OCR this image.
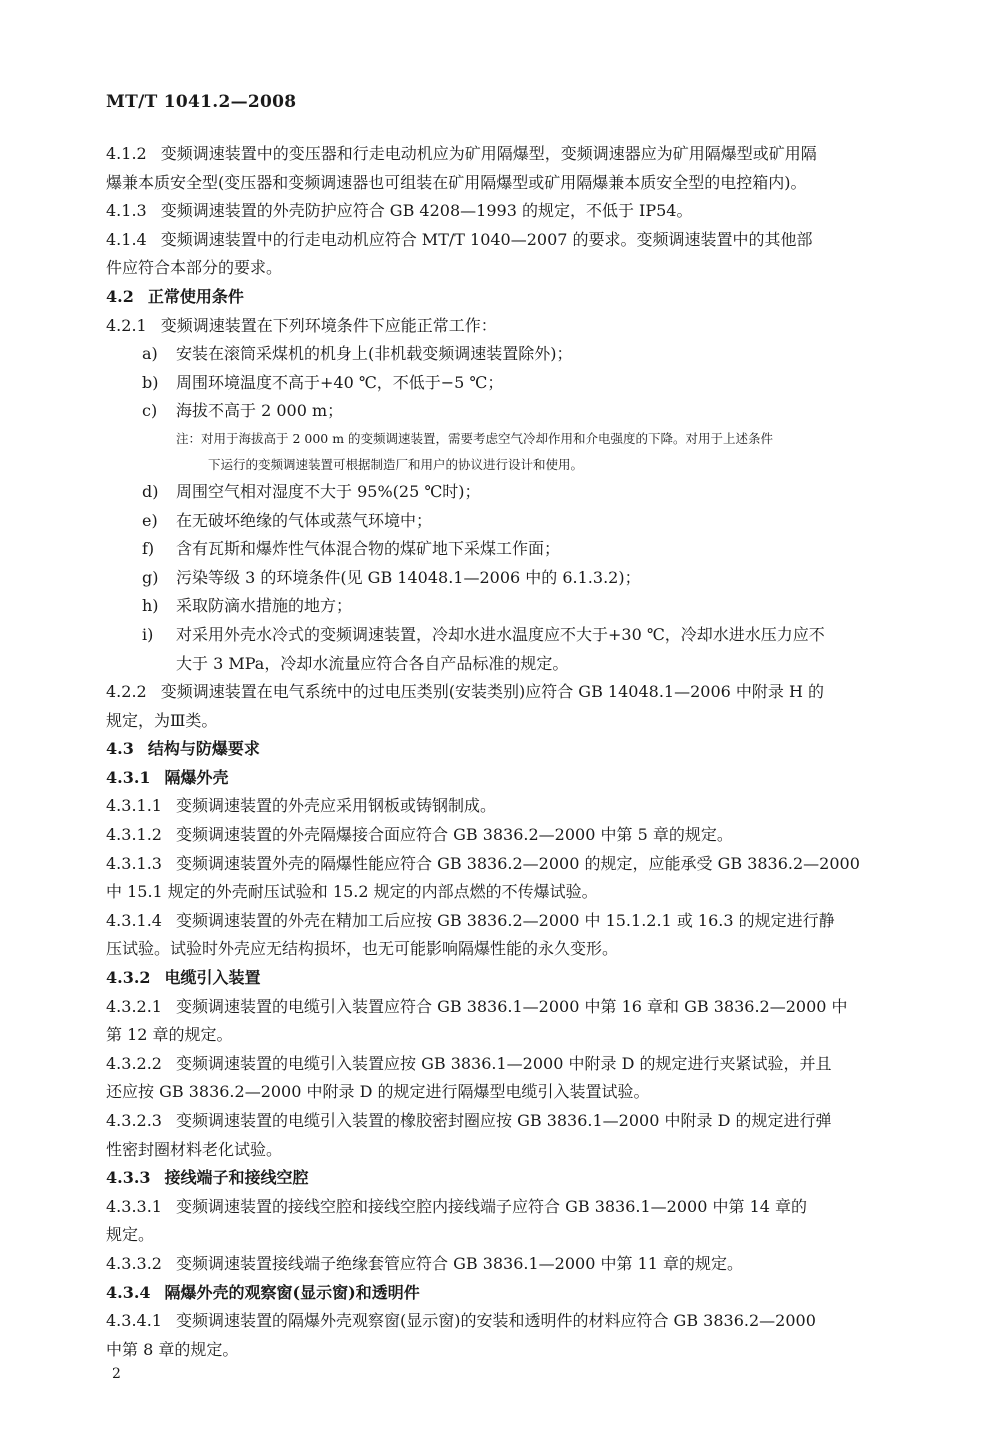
MT/T 1041.2—2008
4.1.2 变频调速装置中的变压器和行走电动机应为矿用隔爆型，变频调速器应为矿用隔爆型或矿用隔
爆兼本质安全型(变压器和变频调速器也可组装在矿用隔爆型或矿用隔爆兼本质安全型的电控箱内)。
4.1.3 变频调速装置的外壳防护应符合 GB 4208—1993 的规定，不低于 IP54。
4.1.4 变频调速装置中的行走电动机应符合 MT/T 1040—2007 的要求。变频调速装置中的其他部
件应符合本部分的要求。
4.2 正常使用条件
4.2.1 变频调速装置在下列环境条件下应能正常工作：
a) 安装在滚筒采煤机的机身上(非机载变频调速装置除外)；
b) 周围环境温度不高于+40 ℃，不低于−5 ℃；
c) 海拔不高于 2 000 m；
注：对用于海拔高于 2 000 m 的变频调速装置，需要考虑空气冷却作用和介电强度的下降。对用于上述条件
下运行的变频调速装置可根据制造厂和用户的协议进行设计和使用。
d) 周围空气相对湿度不大于 95%(25 ℃时)；
e) 在无破坏绝缘的气体或蒸气环境中；
f) 含有瓦斯和爆炸性气体混合物的煤矿地下采煤工作面；
g) 污染等级 3 的环境条件(见 GB 14048.1—2006 中的 6.1.3.2)；
h) 采取防滴水措施的地方；
i) 对采用外壳水冷式的变频调速装置，冷却水进水温度应不大于+30 ℃，冷却水进水压力应不
大于 3 MPa，冷却水流量应符合各自产品标准的规定。
4.2.2 变频调速装置在电气系统中的过电压类别(安装类别)应符合 GB 14048.1—2006 中附录 H 的
规定，为Ⅲ类。
4.3 结构与防爆要求
4.3.1 隔爆外壳
4.3.1.1 变频调速装置的外壳应采用钢板或铸钢制成。
4.3.1.2 变频调速装置的外壳隔爆接合面应符合 GB 3836.2—2000 中第 5 章的规定。
4.3.1.3 变频调速装置外壳的隔爆性能应符合 GB 3836.2—2000 的规定，应能承受 GB 3836.2—2000
中 15.1 规定的外壳耐压试验和 15.2 规定的内部点燃的不传爆试验。
4.3.1.4 变频调速装置的外壳在精加工后应按 GB 3836.2—2000 中 15.1.2.1 或 16.3 的规定进行静
压试验。试验时外壳应无结构损坏，也无可能影响隔爆性能的永久变形。
4.3.2 电缆引入装置
4.3.2.1 变频调速装置的电缆引入装置应符合 GB 3836.1—2000 中第 16 章和 GB 3836.2—2000 中
第 12 章的规定。
4.3.2.2 变频调速装置的电缆引入装置应按 GB 3836.1—2000 中附录 D 的规定进行夹紧试验，并且
还应按 GB 3836.2—2000 中附录 D 的规定进行隔爆型电缆引入装置试验。
4.3.2.3 变频调速装置的电缆引入装置的橡胶密封圈应按 GB 3836.1—2000 中附录 D 的规定进行弹
性密封圈材料老化试验。
4.3.3 接线端子和接线空腔
4.3.3.1 变频调速装置的接线空腔和接线空腔内接线端子应符合 GB 3836.1—2000 中第 14 章的
规定。
4.3.3.2 变频调速装置接线端子绝缘套管应符合 GB 3836.1—2000 中第 11 章的规定。
4.3.4 隔爆外壳的观察窗(显示窗)和透明件
4.3.4.1 变频调速装置的隔爆外壳观察窗(显示窗)的安装和透明件的材料应符合 GB 3836.2—2000
中第 8 章的规定。
2
